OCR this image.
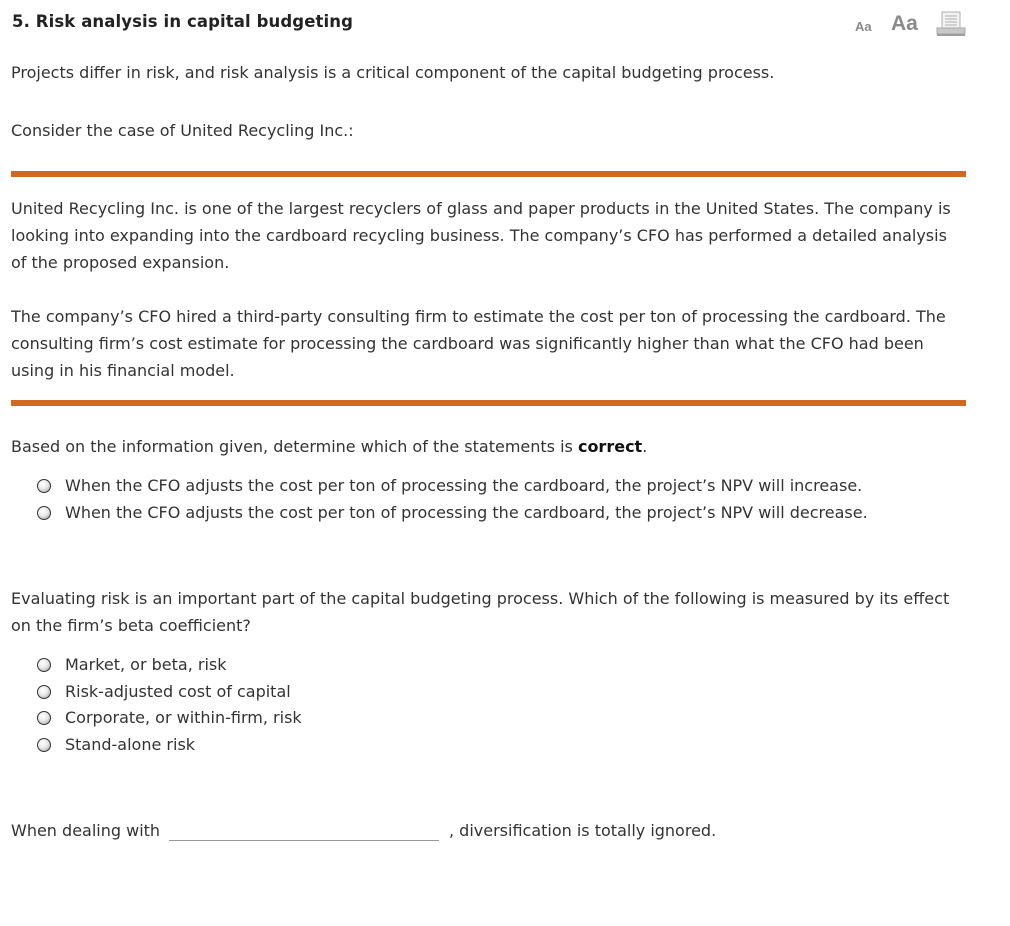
5. Risk analysis in capital budgeting	Aa Aa

Projects differ in risk, and risk analysis is a critical component of the capital budgeting process.

Consider the case of United Recycling Inc.:

United Recycling Inc. is one of the largest recyclers of glass and paper products in the United States. The company is looking into expanding into the cardboard recycling business. The company’s CFO has performed a detailed analysis of the proposed expansion.

The company’s CFO hired a third-party consulting firm to estimate the cost per ton of processing the cardboard. The consulting firm’s cost estimate for processing the cardboard was significantly higher than what the CFO had been using in his financial model.

Based on the information given, determine which of the statements is correct.

When the CFO adjusts the cost per ton of processing the cardboard, the project’s NPV will increase.
When the CFO adjusts the cost per ton of processing the cardboard, the project’s NPV will decrease.

Evaluating risk is an important part of the capital budgeting process. Which of the following is measured by its effect on the firm’s beta coefficient?

Market, or beta, risk
Risk-adjusted cost of capital
Corporate, or within-firm, risk
Stand-alone risk
When dealing with	, diversification is totally ignored.
